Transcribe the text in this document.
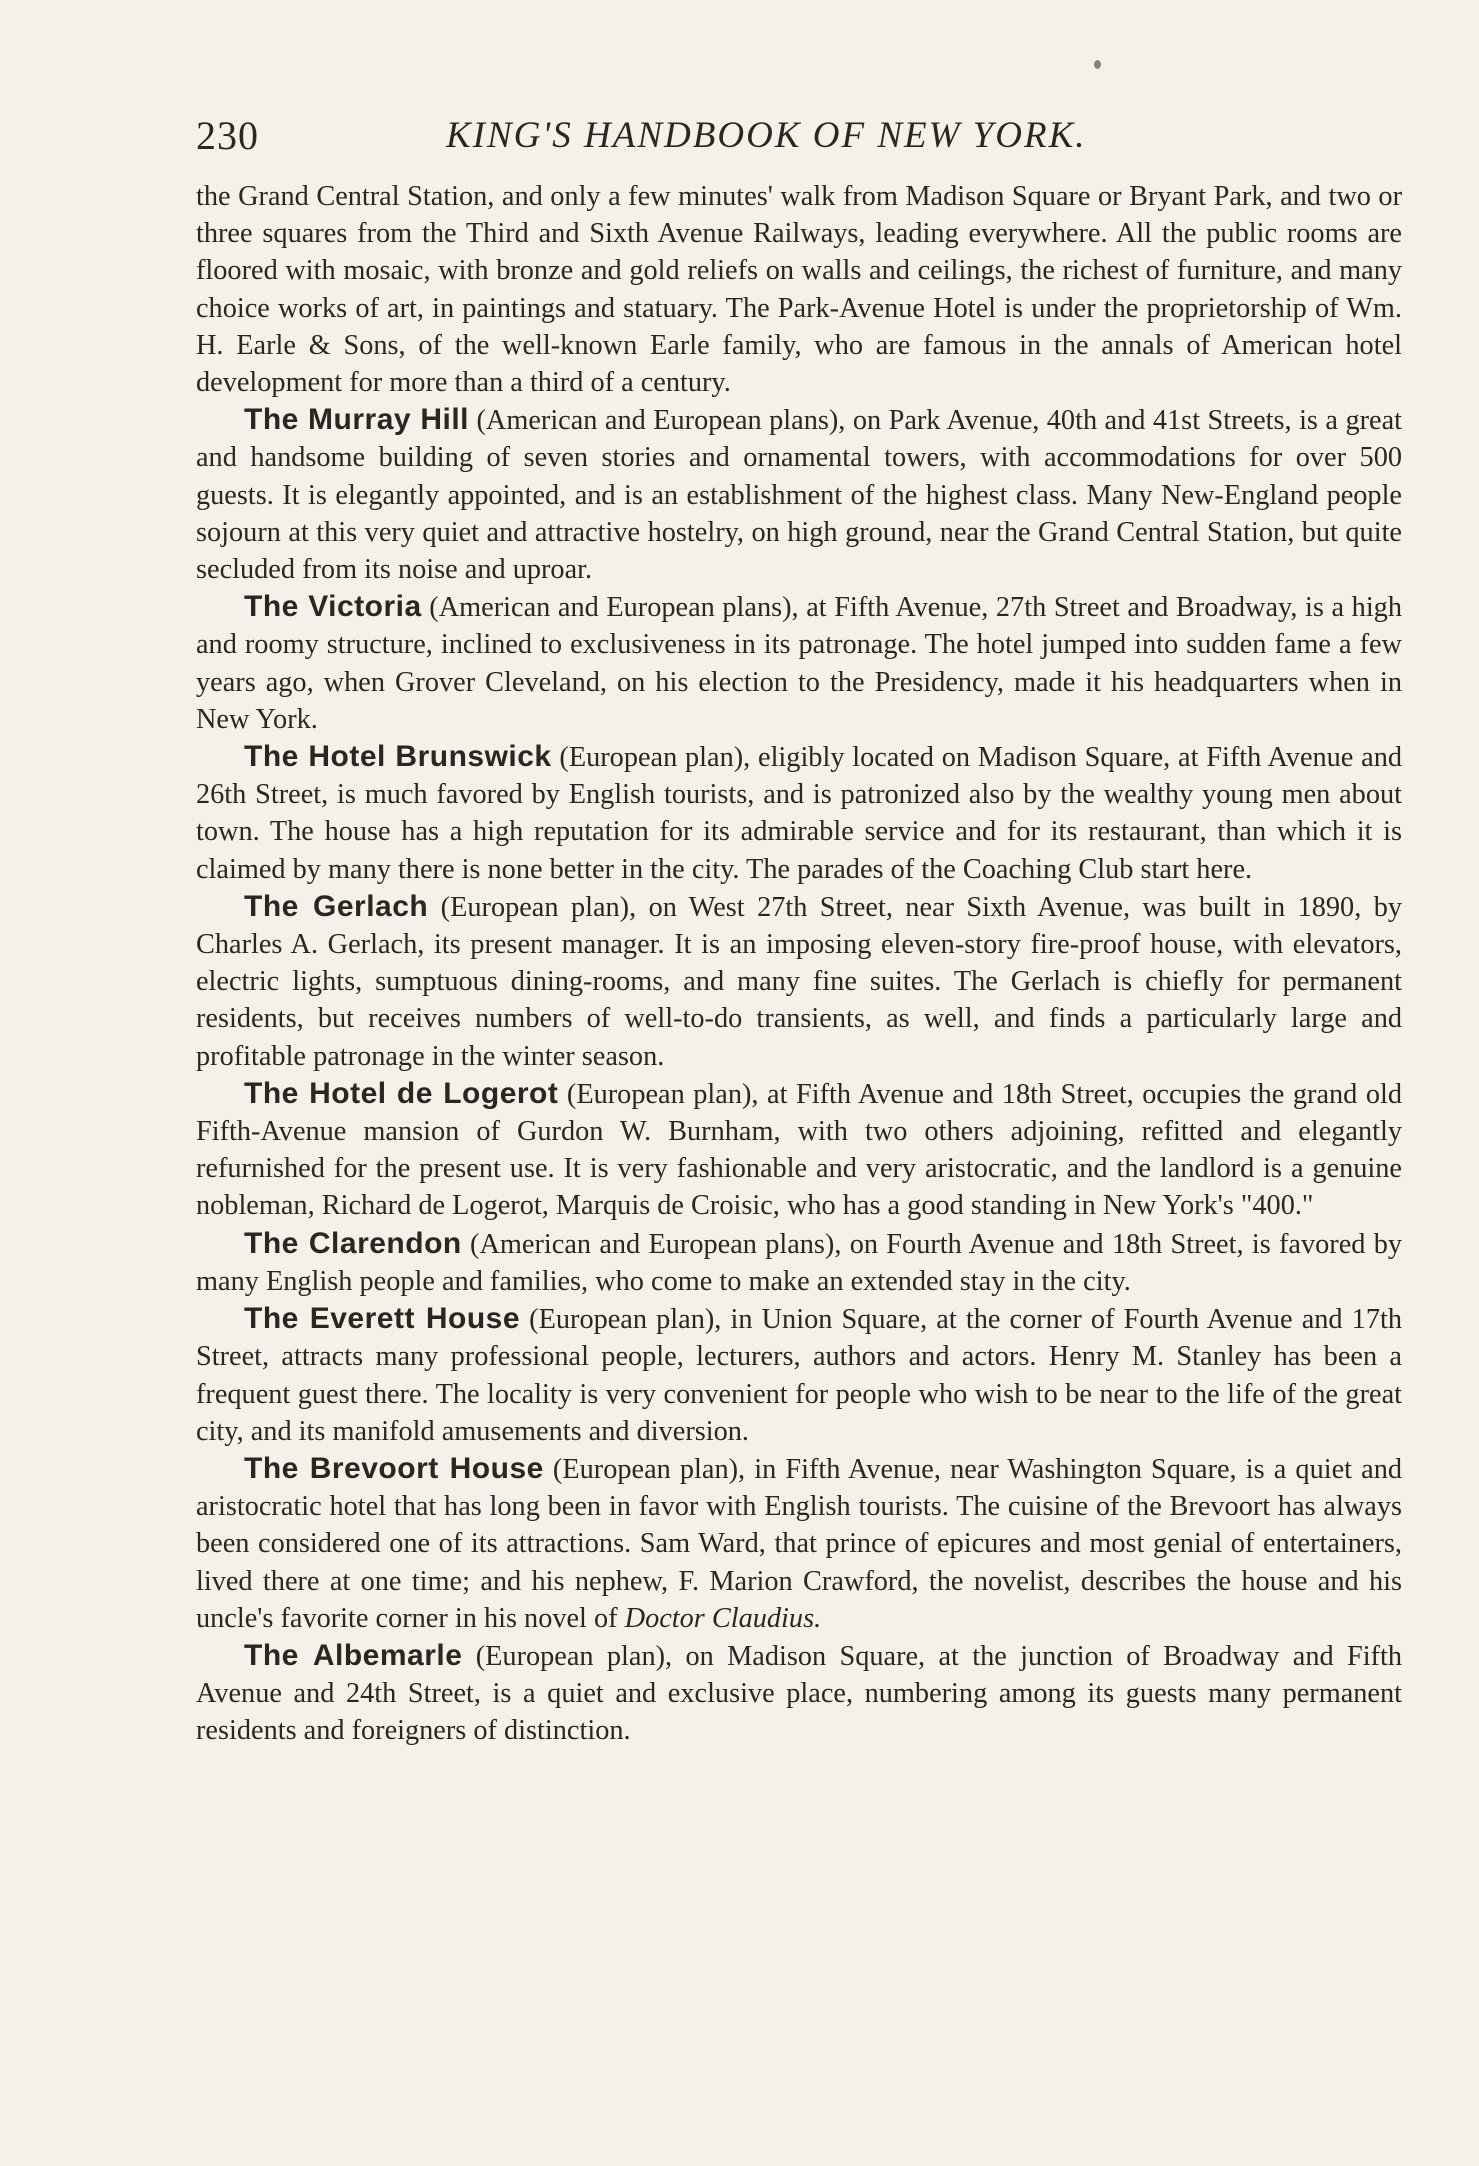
230	KING'S HANDBOOK OF NEW YORK.

the Grand Central Station, and only a few minutes' walk from Madison Square or Bryant Park, and two or three squares from the Third and Sixth Avenue Railways, leading everywhere. All the public rooms are floored with mosaic, with bronze and gold reliefs on walls and ceilings, the richest of furniture, and many choice works of art, in paintings and statuary. The Park-Avenue Hotel is under the proprietorship of Wm. H. Earle & Sons, of the well-known Earle family, who are famous in the annals of American hotel development for more than a third of a century.

The Murray Hill (American and European plans), on Park Avenue, 40th and 41st Streets, is a great and handsome building of seven stories and ornamental towers, with accommodations for over 500 guests. It is elegantly appointed, and is an establishment of the highest class. Many New-England people sojourn at this very quiet and attractive hostelry, on high ground, near the Grand Central Station, but quite secluded from its noise and uproar.

The Victoria (American and European plans), at Fifth Avenue, 27th Street and Broadway, is a high and roomy structure, inclined to exclusiveness in its patronage. The hotel jumped into sudden fame a few years ago, when Grover Cleveland, on his election to the Presidency, made it his headquarters when in New York.

The Hotel Brunswick (European plan), eligibly located on Madison Square, at Fifth Avenue and 26th Street, is much favored by English tourists, and is patronized also by the wealthy young men about town. The house has a high reputation for its admirable service and for its restaurant, than which it is claimed by many there is none better in the city. The parades of the Coaching Club start here.

The Gerlach (European plan), on West 27th Street, near Sixth Avenue, was built in 1890, by Charles A. Gerlach, its present manager. It is an imposing eleven-story fire-proof house, with elevators, electric lights, sumptuous dining-rooms, and many fine suites. The Gerlach is chiefly for permanent residents, but receives numbers of well-to-do transients, as well, and finds a particularly large and profitable patronage in the winter season.

The Hotel de Logerot (European plan), at Fifth Avenue and 18th Street, occupies the grand old Fifth-Avenue mansion of Gurdon W. Burnham, with two others adjoining, refitted and elegantly refurnished for the present use. It is very fashionable and very aristocratic, and the landlord is a genuine nobleman, Richard de Logerot, Marquis de Croisic, who has a good standing in New York's "400."

The Clarendon (American and European plans), on Fourth Avenue and 18th Street, is favored by many English people and families, who come to make an extended stay in the city.

The Everett House (European plan), in Union Square, at the corner of Fourth Avenue and 17th Street, attracts many professional people, lecturers, authors and actors. Henry M. Stanley has been a frequent guest there. The locality is very convenient for people who wish to be near to the life of the great city, and its manifold amusements and diversion.

The Brevoort House (European plan), in Fifth Avenue, near Washington Square, is a quiet and aristocratic hotel that has long been in favor with English tourists. The cuisine of the Brevoort has always been considered one of its attractions. Sam Ward, that prince of epicures and most genial of entertainers, lived there at one time; and his nephew, F. Marion Crawford, the novelist, describes the house and his uncle's favorite corner in his novel of Doctor Claudius.

The Albemarle (European plan), on Madison Square, at the junction of Broadway and Fifth Avenue and 24th Street, is a quiet and exclusive place, numbering among its guests many permanent residents and foreigners of distinction.
